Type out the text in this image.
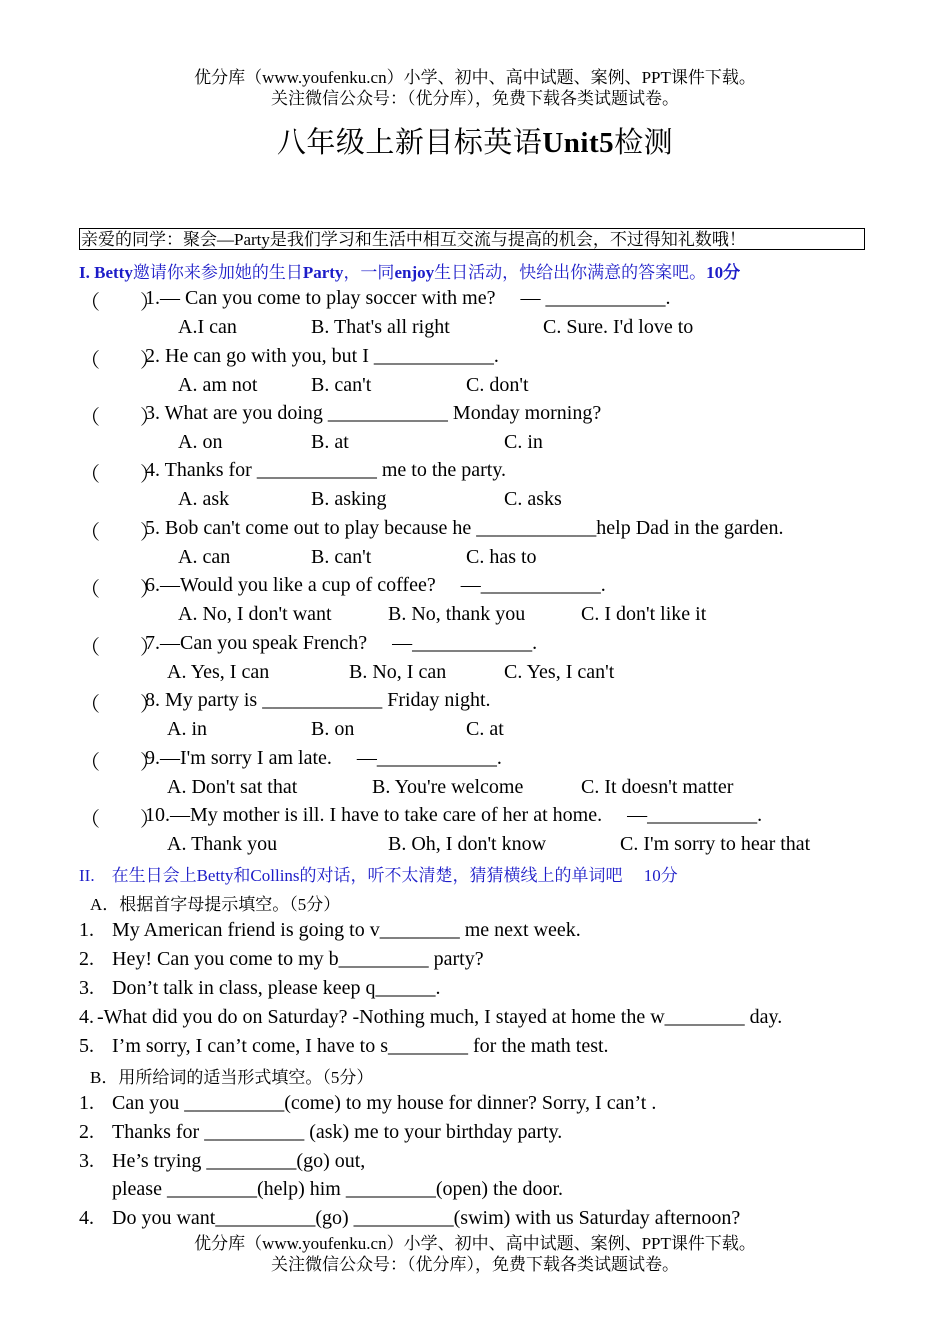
优分库（www.youfenku.cn）小学、初中、高中试题、案例、PPT课件下载。
关注微信公众号：（优分库），免费下载各类试题试卷。
八年级上新目标英语Unit5检测
亲爱的同学：聚会—Party是我们学习和生活中相互交流与提高的机会，不过得知礼数哦！
I. Betty邀请你来参加她的生日Party，一同enjoy生日活动，快给出你满意的答案吧。10分
（　　）
1.— Can you come to play soccer with me?　 — ____________.
A.I can	B. That's all right	C. Sure. I'd love to
（　　）
2. He can go with you, but I ____________.
A. am not	B. can't	C. don't
（　　）
3. What are you doing ____________ Monday morning?
A. on	B. at	C. in
（　　）
4. Thanks for ____________ me to the party.
A. ask	B. asking	C. asks
（　　）
5. Bob can't come out to play because he ____________help Dad in the garden.
A. can	B. can't	C. has to
（　　）
6.—Would you like a cup of coffee?　 —____________.
A. No, I don't want	B. No, thank you	C. I don't like it
（　　）
7.—Can you speak French?　 —____________.
A. Yes, I can	B. No, I can	C. Yes, I can't
（　　）
8. My party is ____________ Friday night.
A. in	B. on	C. at
（　　）
9.—I'm sorry I am late.　 —____________.
A. Don't sat that	B. You're welcome	C. It doesn't matter
（　　）
10.—My mother is ill. I have to take care of her at home.　 —___________.
A. Thank you	B. Oh, I don't know	C. I'm sorry to hear that
II.　在生日会上Betty和Collins的对话，听不太清楚，猜猜横线上的单词吧　 10分
A．根据首字母提示填空。（5分）
1. My American friend is going to v________ me next week.
2. Hey! Can you come to my b_________ party?
3. Don’t talk in class, please keep q______.
4. -What did you do on Saturday? -Nothing much, I stayed at home the w________ day.
5. I’m sorry, I can’t come, I have to s________ for the math test.
B．用所给词的适当形式填空。（5分）
1. Can you __________(come) to my house for dinner? Sorry, I can’t .
2. Thanks for __________ (ask) me to your birthday party.
3. He’s trying _________(go) out,
please _________(help) him _________(open) the door.
4. Do you want__________(go) __________(swim) with us Saturday afternoon?
优分库（www.youfenku.cn）小学、初中、高中试题、案例、PPT课件下载。
关注微信公众号：（优分库），免费下载各类试题试卷。
